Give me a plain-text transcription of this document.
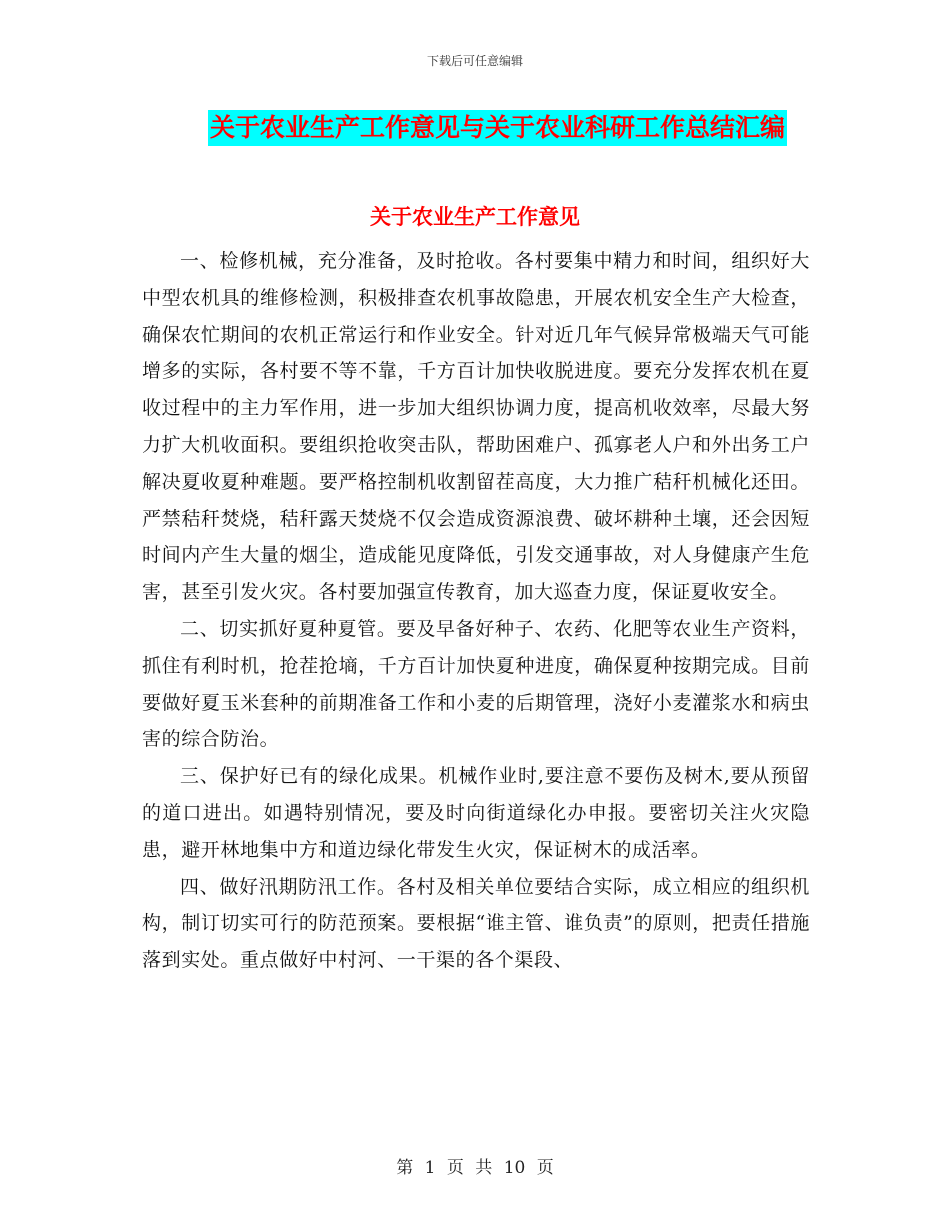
下载后可任意编辑
关于农业生产工作意见与关于农业科研工作总结汇编
关于农业生产工作意见

一、检修机械，充分准备，及时抢收。各村要集中精力和时间，组织好大中型农机具的维修检测，积极排查农机事故隐患，开展农机安全生产大检查，确保农忙期间的农机正常运行和作业安全。针对近几年气候异常极端天气可能增多的实际，各村要不等不靠，千方百计加快收脱进度。要充分发挥农机在夏收过程中的主力军作用，进一步加大组织协调力度，提高机收效率，尽最大努力扩大机收面积。要组织抢收突击队，帮助困难户、孤寡老人户和外出务工户解决夏收夏种难题。要严格控制机收割留茬高度，大力推广秸秆机械化还田。严禁秸秆焚烧，秸秆露天焚烧不仅会造成资源浪费、破坏耕种土壤，还会因短时间内产生大量的烟尘，造成能见度降低，引发交通事故，对人身健康产生危害，甚至引发火灾。各村要加强宣传教育，加大巡查力度，保证夏收安全。

二、切实抓好夏种夏管。要及早备好种子、农药、化肥等农业生产资料，抓住有利时机，抢茬抢墒，千方百计加快夏种进度，确保夏种按期完成。目前要做好夏玉米套种的前期准备工作和小麦的后期管理，浇好小麦灌浆水和病虫害的综合防治。

三、保护好已有的绿化成果。机械作业时,要注意不要伤及树木,要从预留的道口进出。如遇特别情况，要及时向街道绿化办申报。要密切关注火灾隐患，避开林地集中方和道边绿化带发生火灾，保证树木的成活率。

四、做好汛期防汛工作。各村及相关单位要结合实际，成立相应的组织机构，制订切实可行的防范预案。要根据“谁主管、谁负责”的原则，把责任措施落到实处。重点做好中村河、一干渠的各个渠段、

第 1 页 共 10 页
